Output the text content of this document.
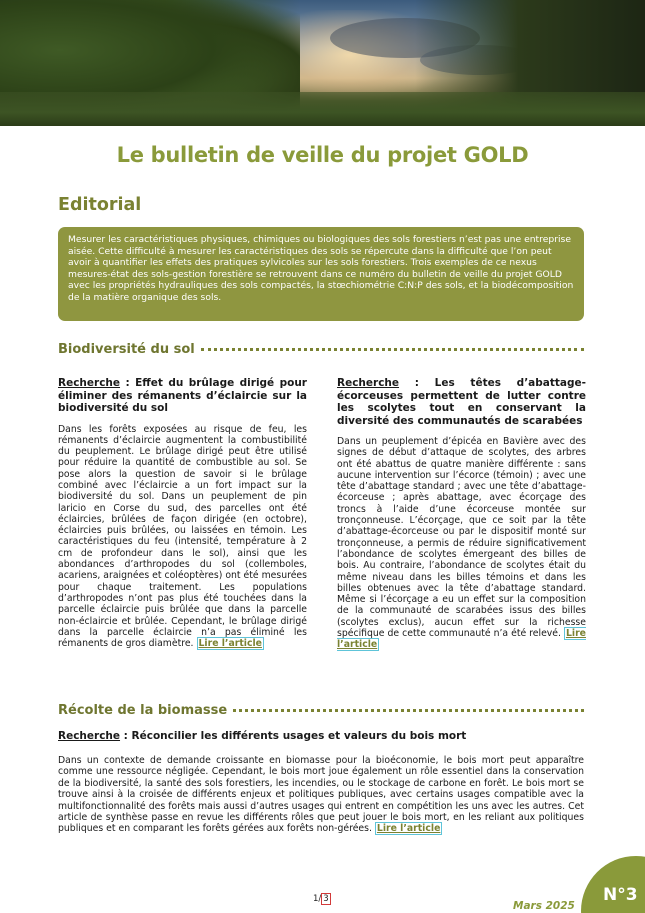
Le bulletin de veille du projet GOLD
Editorial
Mesurer les caractéristiques physiques, chimiques ou biologiques des sols forestiers n’est pas une entreprise aisée. Cette difficulté à mesurer les caractéristiques des sols se répercute dans la difficulté que l’on peut avoir à quantifier les effets des pratiques sylvicoles sur les sols forestiers. Trois exemples de ce nexus mesures-état des sols-gestion forestière se retrouvent dans ce numéro du bulletin de veille du projet GOLD avec les propriétés hydrauliques des sols compactés, la stœchiométrie C:N:P des sols, et la biodécomposition de la matière organique des sols.
Biodiversité du sol
Recherche : Effet du brûlage dirigé pour éliminer des rémanents d’éclaircie sur la biodiversité du sol
Dans les forêts exposées au risque de feu, les rémanents d’éclaircie augmentent la combustibilité du peuplement. Le brûlage dirigé peut être utilisé pour réduire la quantité de combustible au sol. Se pose alors la question de savoir si le brûlage combiné avec l’éclaircie a un fort impact sur la biodiversité du sol. Dans un peuplement de pin laricio en Corse du sud, des parcelles ont été éclaircies, brûlées de façon dirigée (en octobre), éclaircies puis brûlées, ou laissées en témoin. Les caractéristiques du feu (intensité, température à 2 cm de profondeur dans le sol), ainsi que les abondances d’arthropodes du sol (collemboles, acariens, araignées et coléoptères) ont été mesurées pour chaque traitement. Les populations d’arthropodes n’ont pas plus été touchées dans la parcelle éclaircie puis brûlée que dans la parcelle non-éclaircie et brûlée. Cependant, le brûlage dirigé dans la parcelle éclaircie n’a pas éliminé les rémanents de gros diamètre. Lire l’article
Recherche : Les têtes d’abattage-écorceuses permettent de lutter contre les scolytes tout en conservant la diversité des communautés de scarabées
Dans un peuplement d’épicéa en Bavière avec des signes de début d’attaque de scolytes, des arbres ont été abattus de quatre manière différente : sans aucune intervention sur l’écorce (témoin) ; avec une tête d’abattage standard ; avec une tête d’abattage-écorceuse ; après abattage, avec écorçage des troncs à l’aide d’une écorceuse montée sur tronçonneuse. L’écorçage, que ce soit par la tête d’abattage-écorceuse ou par le dispositif monté sur tronçonneuse, a permis de réduire significativement l’abondance de scolytes émergeant des billes de bois. Au contraire, l’abondance de scolytes était du même niveau dans les billes témoins et dans les billes obtenues avec la tête d’abattage standard. Même si l’écorçage a eu un effet sur la composition de la communauté de scarabées issus des billes (scolytes exclus), aucun effet sur la richesse spécifique de cette communauté n’a été relevé. Lire l’article
Récolte de la biomasse
Recherche : Réconcilier les différents usages et valeurs du bois mort
Dans un contexte de demande croissante en biomasse pour la bioéconomie, le bois mort peut apparaître comme une ressource négligée. Cependant, le bois mort joue également un rôle essentiel dans la conservation de la biodiversité, la santé des sols forestiers, les incendies, ou le stockage de carbone en forêt. Le bois mort se trouve ainsi à la croisée de différents enjeux et politiques publiques, avec certains usages compatible avec la multifonctionnalité des forêts mais aussi d’autres usages qui entrent en compétition les uns avec les autres. Cet article de synthèse passe en revue les différents rôles que peut jouer le bois mort, en les reliant aux politiques publiques et en comparant les forêts gérées aux forêts non-gérées. Lire l’article
1/ 3
Mars 2025
N°3
